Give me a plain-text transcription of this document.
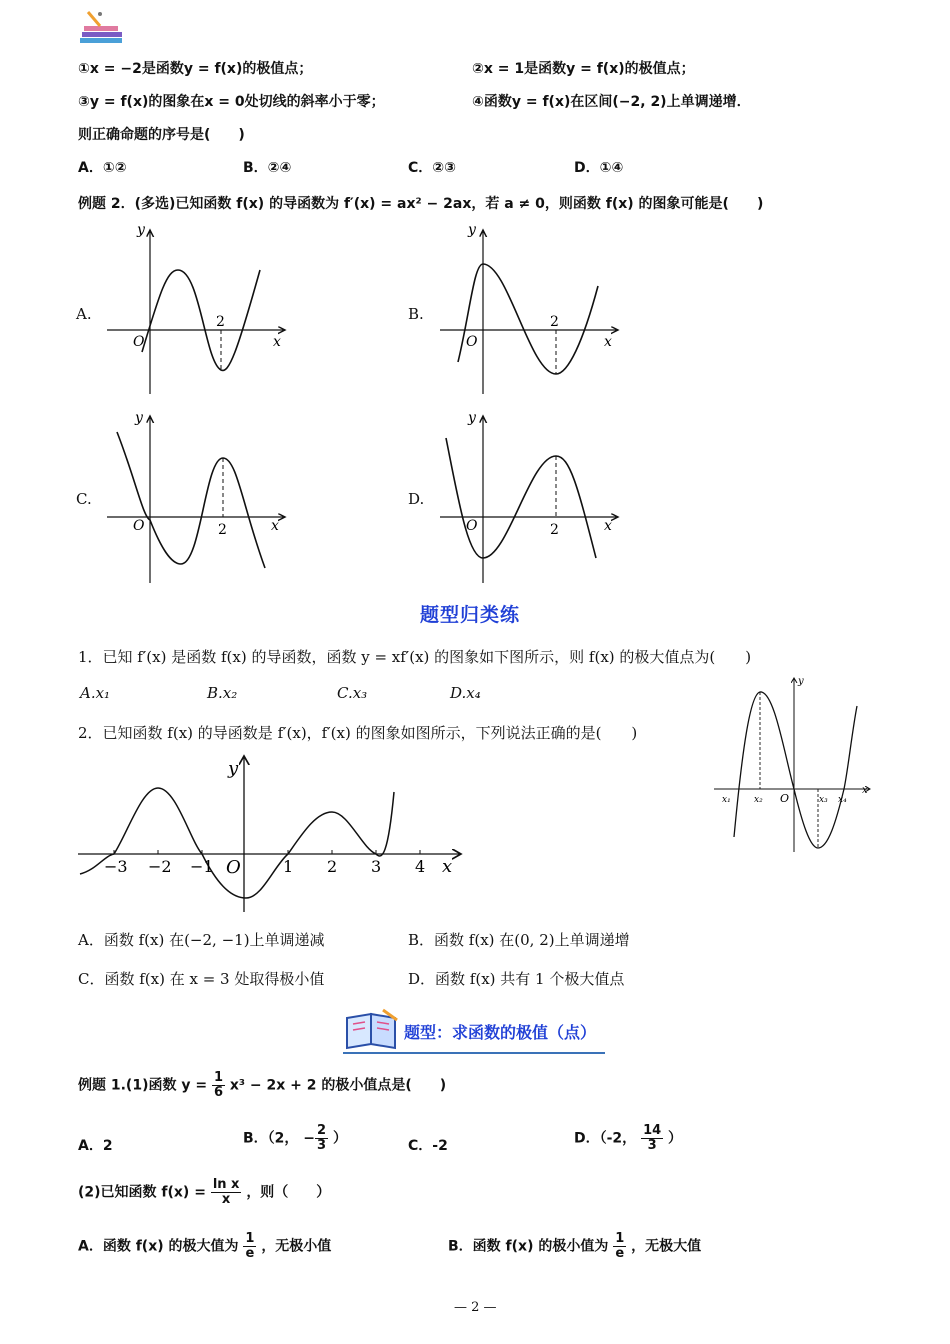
①x = −2是函数y = f(x)的极值点；	②x = 1是函数y = f(x)的极值点；
③y = f(x)的图象在x = 0处切线的斜率小于零；	④函数y = f(x)在区间(−2, 2)上单调递增．
则正确命题的序号是(　　)
A．①②	B．②④	C．②③	D．①④
例题 2．(多选)已知函数 f(x) 的导函数为 f′(x) = ax² − 2ax，若 a ≠ 0，则函数 f(x) 的图象可能是(　　)
A.
y
x
O
2	B.
y
x
O
2
C.
y
x
O	2
D.
y
x
O	2
题型归类练
1．已知 f′(x) 是函数 f(x) 的导函数，函数 y = xf′(x) 的图象如下图所示，则 f(x) 的极大值点为(　　)
A.x₁	B.x₂	C.x₃	D.x₄
y
x
O
x₁	x₂	x₃ x₄
2．已知函数 f(x) 的导函数是 f′(x)，f′(x) 的图象如图所示，下列说法正确的是(　　)
y
x
O
−3 −2 −1	1 2 3 4
A．函数 f(x) 在(−2, −1)上单调递减	B．函数 f(x) 在(0, 2)上单调递增
C．函数 f(x) 在 x = 3 处取得极小值	D．函数 f(x) 共有 1 个极大值点
题型：求函数的极值（点）
例题 1.(1)函数 $y = \frac{1}{6} x^3 - 2x + 2$ 的极小值点是(　　)
A．2	B．（2， − $\frac{2}{3}$ ）	C．-2	D．（-2， $\frac{14}{3}$ ）
(2)已知函数 $f(x) = \frac{\text{ln x}}{x}$ ，则（　　）
A．函数 f(x) 的极大值为 $\frac{1}{e}$ ，无极小值	B．函数 f(x) 的极小值为 $\frac{1}{e}$ ，无极大值
— 2 —
